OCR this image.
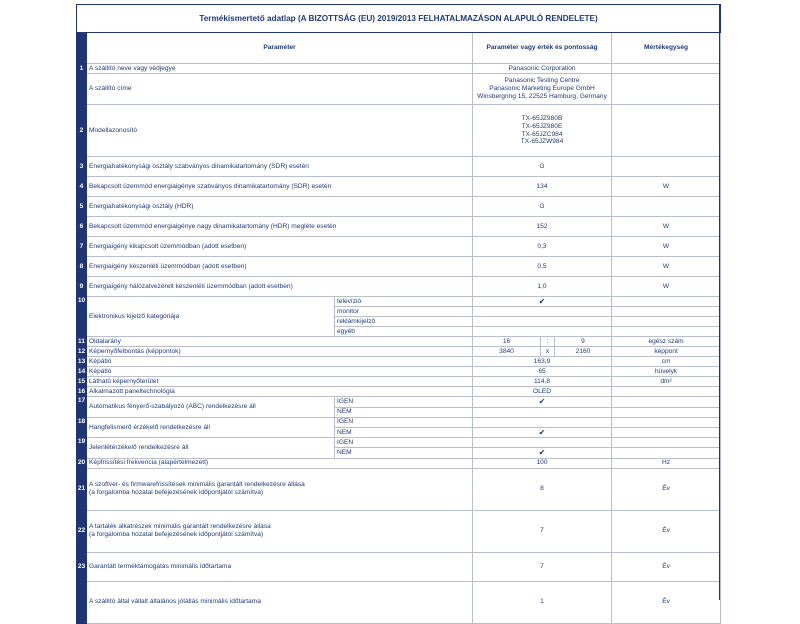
Termékismertető adatlap (A BIZOTTSÁG (EU) 2019/2013 FELHATALMAZÁSON ALAPULÓ RENDELETE)						
	Paraméter		Paraméter vagy érték és pontosság			Mértékegység
1	A szállító neve vagy védjegye		Panasonic Corporation			
	A szállító címe		Panasonic Testing Centre
Panasonic Marketing Europe GmbH
Winsbergring 15, 22525 Hamburg, Germany			

2	Modellazonosító		TX-65JZ980B
TX-65JZ980E
TX-65JZC984
TX-65JZW984			

3	Energiahatékonysági osztály szabványos dinamikatartomány (SDR) esetén		G			
4	Bekapcsolt üzemmód energiaigénye szabványos dinamikatartomány (SDR) esetén		134			W
5	Energiahatékonysági osztály (HDR)		G			
6	Bekapcsolt üzemmód energiaigénye nagy dinamikatartomány (HDR) megléte esetén		152			W
7	Energiaigény kikapcsolt üzemmódban (adott esetben)		0,3			W
8	Energiaigény készenléti üzemmódban (adott esetben)		0,5			W
9	Energiaigény hálózatvezérelt készenléti üzemmódban (adott esetben)		1,0			W
10	Elektronikus kijelző kategóriája	televízió	✔			
		monitor				
		reklámkijelző				
		egyéb				
11	Oldalarány		16	:	9	egész szám
12	Képernyőfelbontás (képpontok)		3840	x	2160	képpont
13	Képátló		163,9			cm
14	Képátló		65			hüvelyk
15	Látható képernyőterület		114,8			dm²
16	Alkalmazott paneltechnológia		OLED			
17	Automatikus fényerő-szabályozó (ABC) rendelkezésre áll	IGEN	✔			
		NEM				
18	Hangfelismerő érzékelő rendelkezésre áll	IGEN				
		NEM	✔			
19	Jelenlétérzékelő rendelkezésre áll	IGEN				
		NEM	✔			
20	Képfrissítési frekvencia (alapértelmezett)		100			Hz
21	A szoftver- és firmwarefrissítések minimális garantált rendelkezésre állása
(a forgalomba hozatal befejezésének időpontjától számítva)		8			Év
22	A tartalék alkatrészek minimális garantált rendelkezésre állása
(a forgalomba hozatal befejezésének időpontjától számítva)		7			Év
23	Garantált terméktámogatás minimális időtartama		7			Év
	A szállító által vállalt általános jótállás minimális időtartama		1			Év
